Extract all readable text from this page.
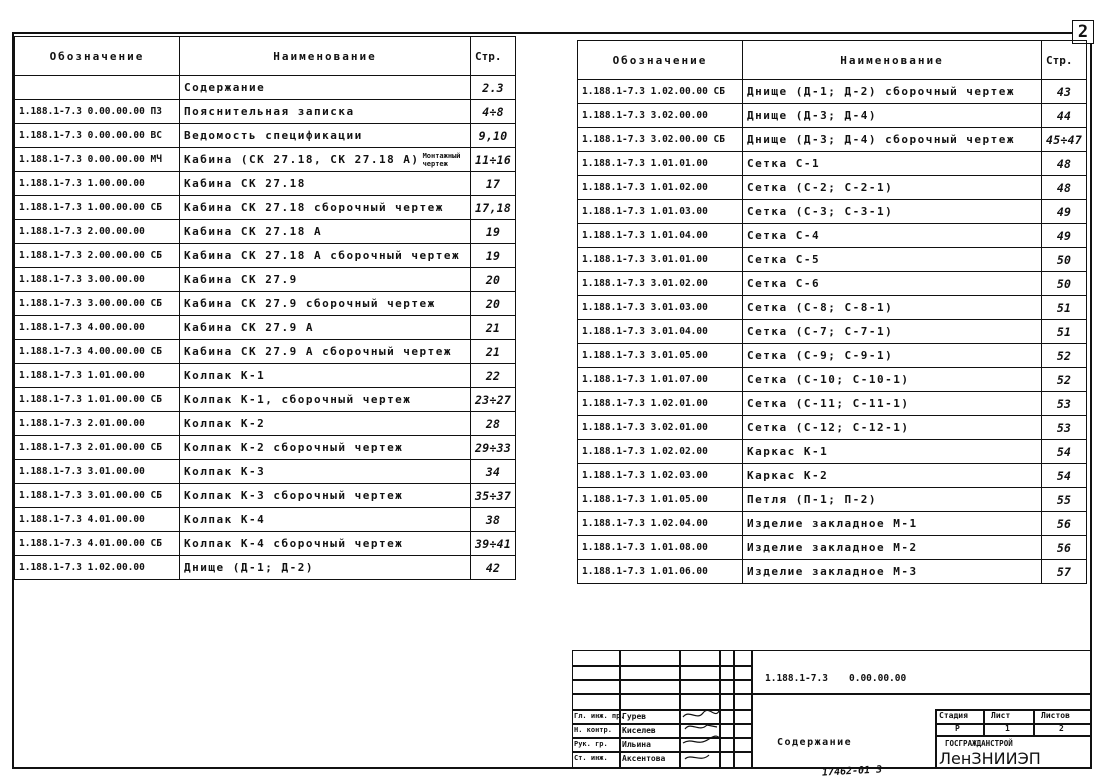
2
Обозначение	Наименование	Стр.
	Содержание	2.3
1.188.1-7.3 0.00.00.00 ПЗ	Пояснительная записка	4÷8
1.188.1-7.3 0.00.00.00 ВС	Ведомость спецификации	9,10
1.188.1-7.3 0.00.00.00 МЧ	Кабина (СК 27.18, СК 27.18 А) Монтажный чертеж	11÷16
1.188.1-7.3 1.00.00.00	Кабина СК 27.18	17
1.188.1-7.3 1.00.00.00 СБ	Кабина СК 27.18 сборочный чертеж	17,18
1.188.1-7.3 2.00.00.00	Кабина СК 27.18 А	19
1.188.1-7.3 2.00.00.00 СБ	Кабина СК 27.18 А сборочный чертеж	19
1.188.1-7.3 3.00.00.00	Кабина СК 27.9	20
1.188.1-7.3 3.00.00.00 СБ	Кабина СК 27.9 сборочный чертеж	20
1.188.1-7.3 4.00.00.00	Кабина СК 27.9 А	21
1.188.1-7.3 4.00.00.00 СБ	Кабина СК 27.9 А сборочный чертеж	21
1.188.1-7.3 1.01.00.00	Колпак К-1	22
1.188.1-7.3 1.01.00.00 СБ	Колпак К-1, сборочный чертеж	23÷27
1.188.1-7.3 2.01.00.00	Колпак К-2	28
1.188.1-7.3 2.01.00.00 СБ	Колпак К-2 сборочный чертеж	29÷33
1.188.1-7.3 3.01.00.00	Колпак К-3	34
1.188.1-7.3 3.01.00.00 СБ	Колпак К-3 сборочный чертеж	35÷37
1.188.1-7.3 4.01.00.00	Колпак К-4	38
1.188.1-7.3 4.01.00.00 СБ	Колпак К-4 сборочный чертеж	39÷41
1.188.1-7.3 1.02.00.00	Днище (Д-1; Д-2)	42
Обозначение	Наименование	Стр.
1.188.1-7.3 1.02.00.00 СБ	Днище (Д-1; Д-2) сборочный чертеж	43
1.188.1-7.3 3.02.00.00	Днище (Д-3; Д-4)	44
1.188.1-7.3 3.02.00.00 СБ	Днище (Д-3; Д-4) сборочный чертеж	45÷47
1.188.1-7.3 1.01.01.00	Сетка С-1	48
1.188.1-7.3 1.01.02.00	Сетка (С-2; С-2-1)	48
1.188.1-7.3 1.01.03.00	Сетка (С-3; С-3-1)	49
1.188.1-7.3 1.01.04.00	Сетка С-4	49
1.188.1-7.3 3.01.01.00	Сетка С-5	50
1.188.1-7.3 3.01.02.00	Сетка С-6	50
1.188.1-7.3 3.01.03.00	Сетка (С-8; С-8-1)	51
1.188.1-7.3 3.01.04.00	Сетка (С-7; С-7-1)	51
1.188.1-7.3 3.01.05.00	Сетка (С-9; С-9-1)	52
1.188.1-7.3 1.01.07.00	Сетка (С-10; С-10-1)	52
1.188.1-7.3 1.02.01.00	Сетка (С-11; С-11-1)	53
1.188.1-7.3 3.02.01.00	Сетка (С-12; С-12-1)	53
1.188.1-7.3 1.02.02.00	Каркас К-1	54
1.188.1-7.3 1.02.03.00	Каркас К-2	54
1.188.1-7.3 1.01.05.00	Петля (П-1; П-2)	55
1.188.1-7.3 1.02.04.00	Изделие закладное М-1	56
1.188.1-7.3 1.01.08.00	Изделие закладное М-2	56
1.188.1-7.3 1.01.06.00	Изделие закладное М-3	57
1.188.1-7.3 0.00.00.00
Содержание
Стадия	Лист	Листов
Р	1	2
ГОСГРАЖДАНСТРОЙ
ЛенЗНИИЭП
Гл. инж. пр.
Гурев
Н. контр. Киселев
Рук. гр. Ильина
Ст. инж. Аксентова
17462-01 3
